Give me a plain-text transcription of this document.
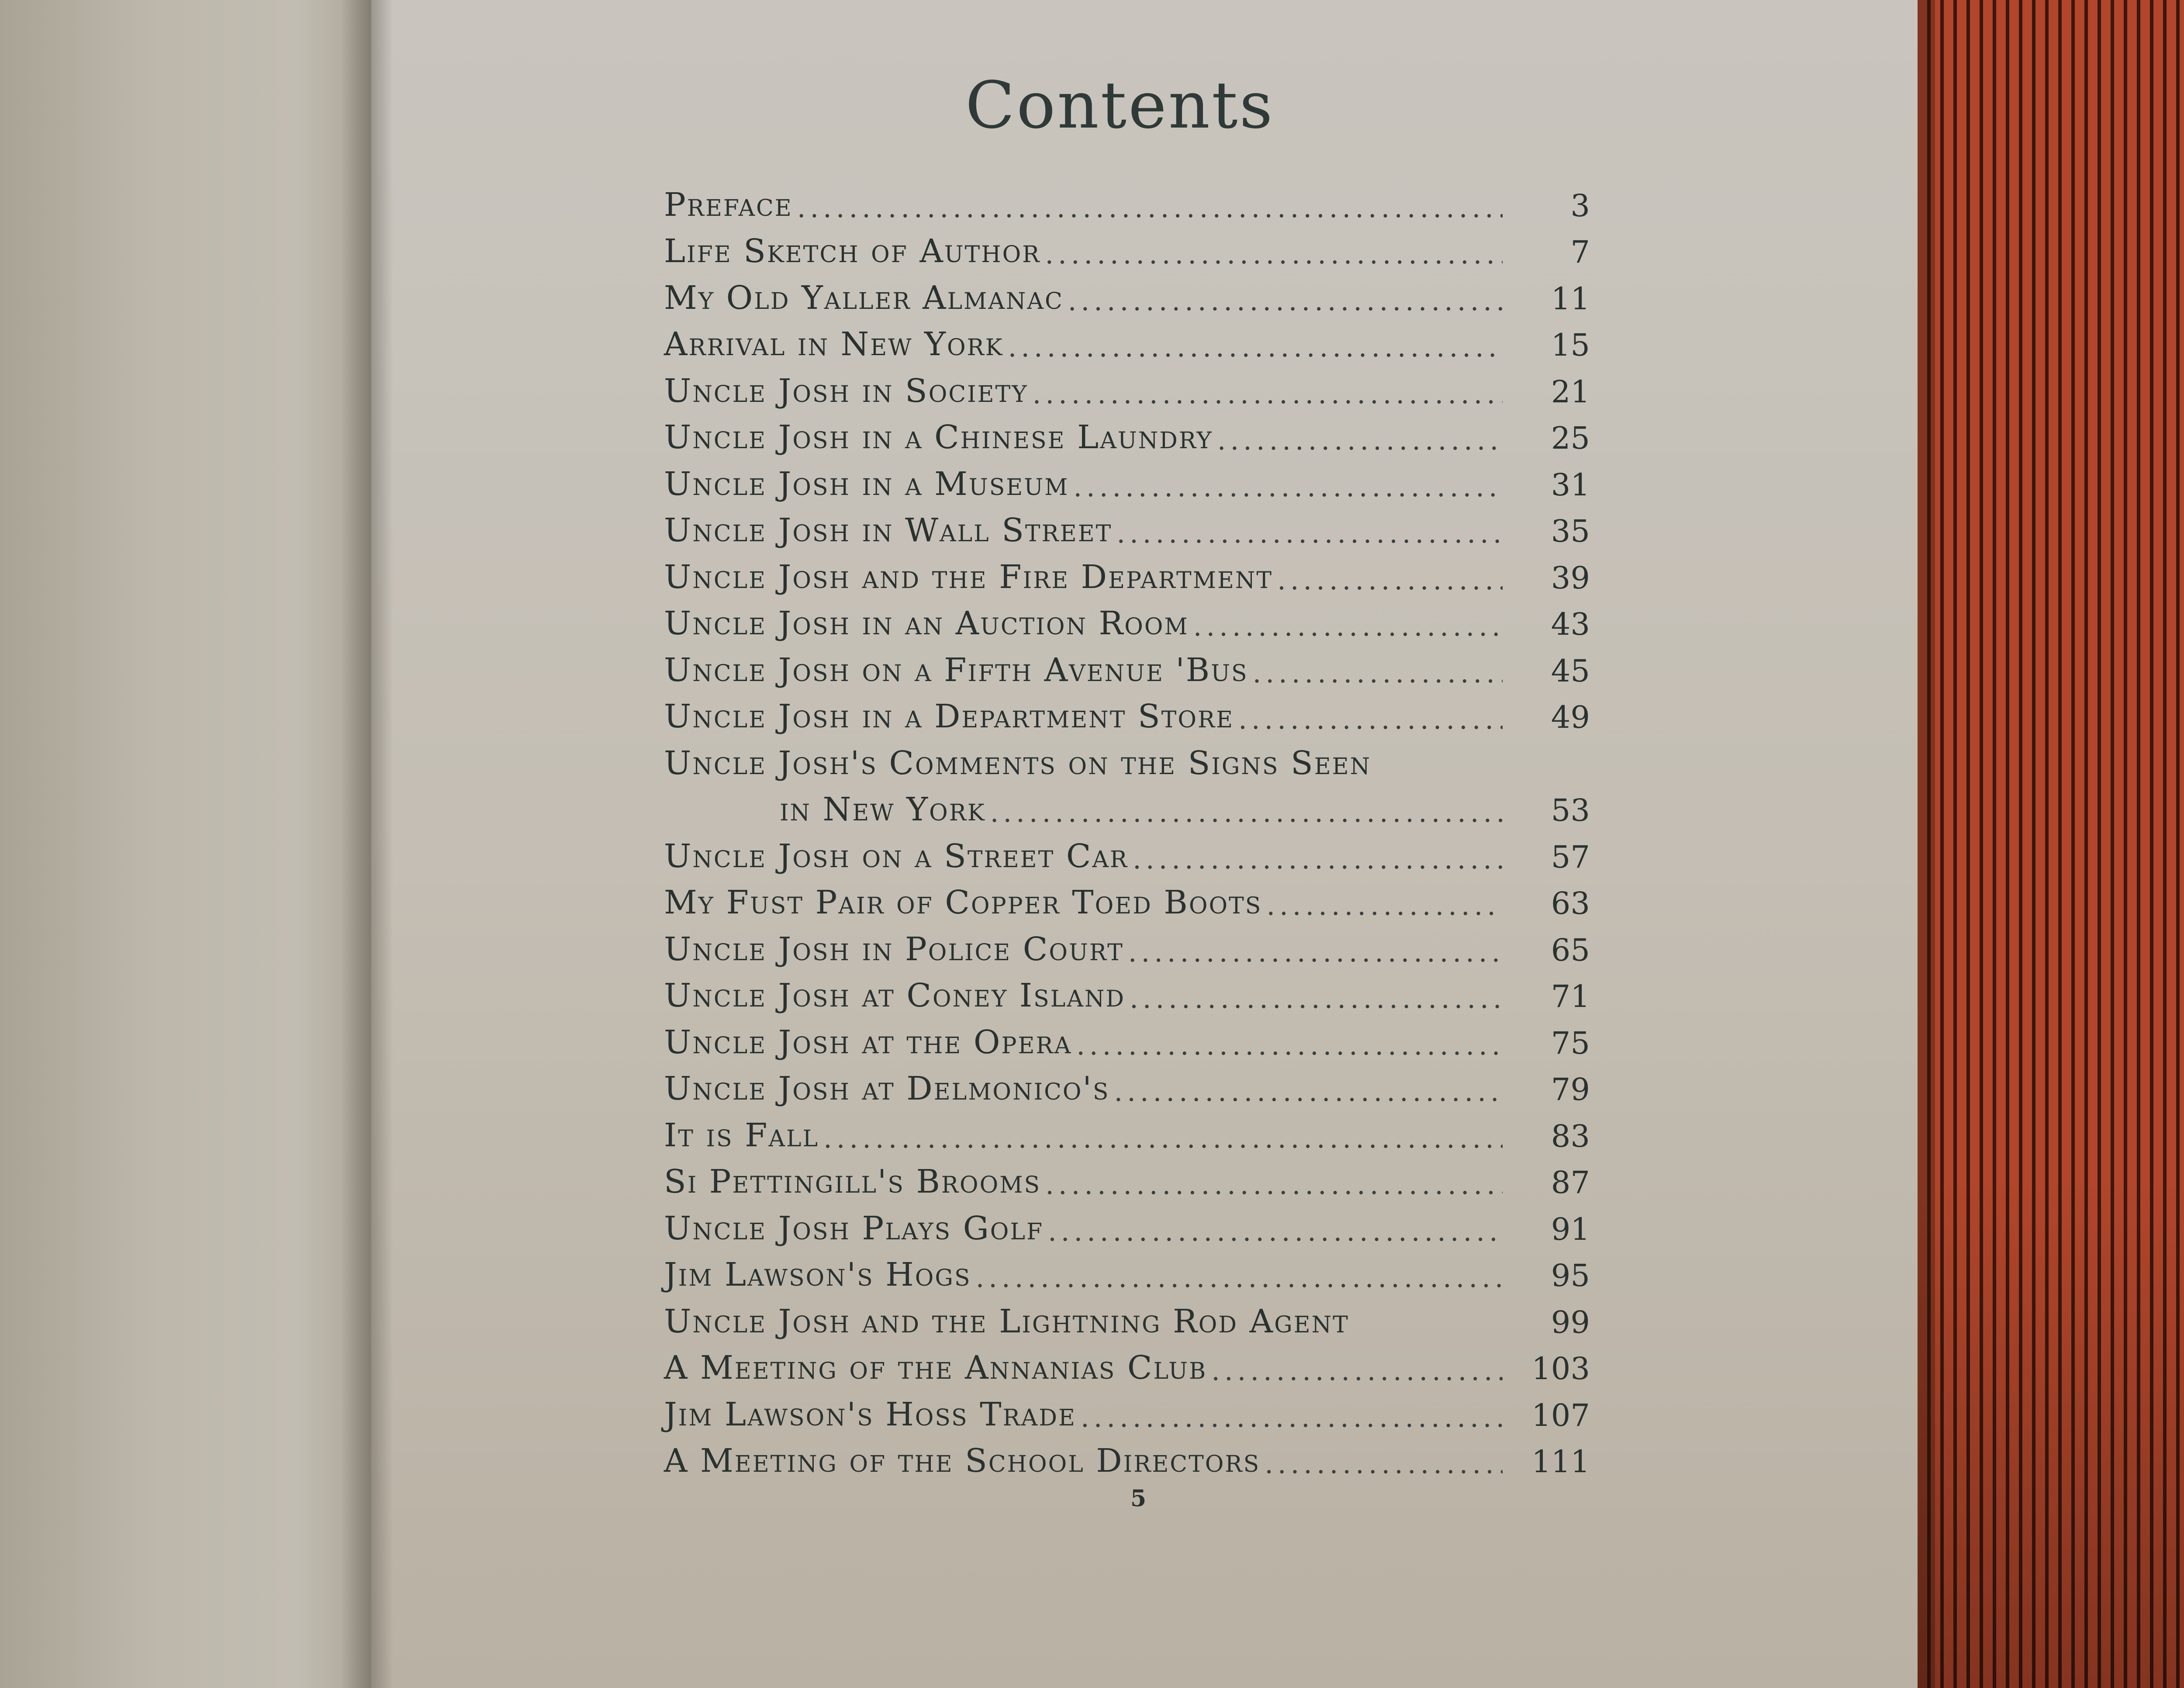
Contents
Preface .....	3
Life Sketch of Author .....	7
My Old Yaller Almanac .....	11
Arrival in New York .....	15
Uncle Josh in Society .....	21
Uncle Josh in a Chinese Laundry .....	25
Uncle Josh in a Museum .....	31
Uncle Josh in Wall Street .....	35
Uncle Josh and the Fire Department .....	39
Uncle Josh in an Auction Room .....	43
Uncle Josh on a Fifth Avenue 'Bus .....	45
Uncle Josh in a Department Store .....	49
Uncle Josh's Comments on the Signs Seen
in New York .....	53
Uncle Josh on a Street Car .....	57
My Fust Pair of Copper Toed Boots .....	63
Uncle Josh in Police Court .....	65
Uncle Josh at Coney Island .....	71
Uncle Josh at the Opera .....	75
Uncle Josh at Delmonico's .....	79
It is Fall .....	83
Si Pettingill's Brooms .....	87
Uncle Josh Plays Golf .....	91
Jim Lawson's Hogs .....	95
Uncle Josh and the Lightning Rod Agent	99
A Meeting of the Annanias Club .....	103
Jim Lawson's Hoss Trade .....	107
A Meeting of the School Directors .....	111
5
